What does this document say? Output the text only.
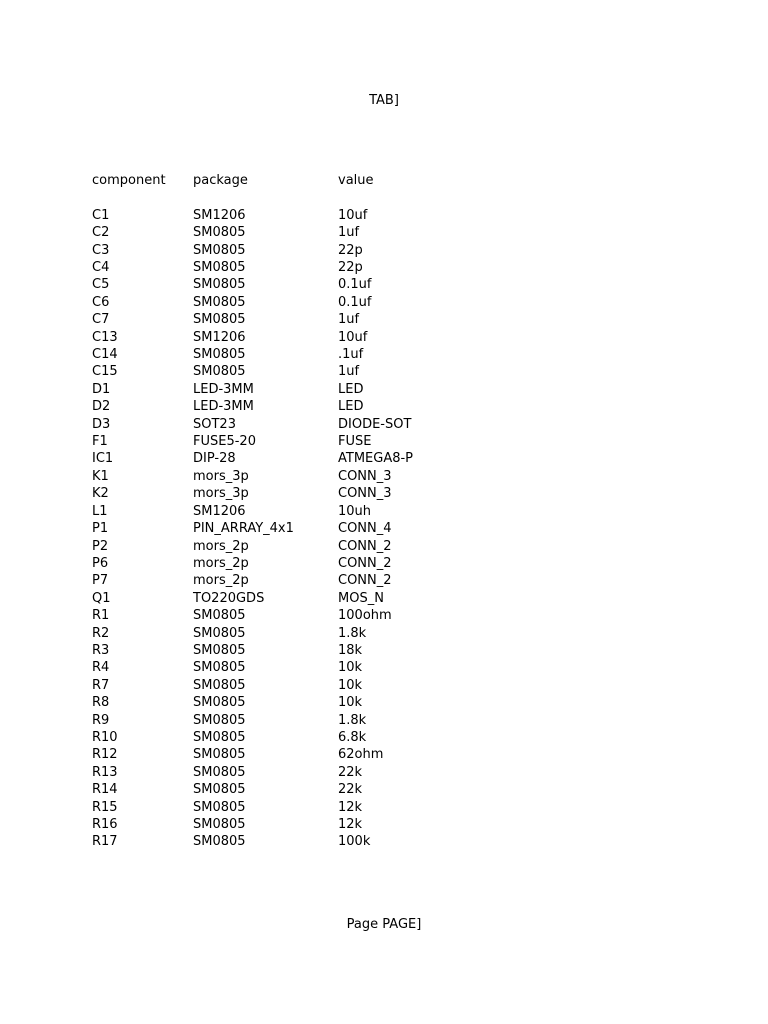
TAB]
component	package	value
C1	SM1206	10uf
C2	SM0805	1uf
C3	SM0805	22p
C4	SM0805	22p
C5	SM0805	0.1uf
C6	SM0805	0.1uf
C7	SM0805	1uf
C13	SM1206	10uf
C14	SM0805	.1uf
C15	SM0805	1uf
D1	LED-3MM	LED
D2	LED-3MM	LED
D3	SOT23	DIODE-SOT
F1	FUSE5-20	FUSE
IC1	DIP-28	ATMEGA8-P
K1	mors_3p	CONN_3
K2	mors_3p	CONN_3
L1	SM1206	10uh
P1	PIN_ARRAY_4x1	CONN_4
P2	mors_2p	CONN_2
P6	mors_2p	CONN_2
P7	mors_2p	CONN_2
Q1	TO220GDS	MOS_N
R1	SM0805	100ohm
R2	SM0805	1.8k
R3	SM0805	18k
R4	SM0805	10k
R7	SM0805	10k
R8	SM0805	10k
R9	SM0805	1.8k
R10	SM0805	6.8k
R12	SM0805	62ohm
R13	SM0805	22k
R14	SM0805	22k
R15	SM0805	12k
R16	SM0805	12k
R17	SM0805	100k
Page PAGE]
